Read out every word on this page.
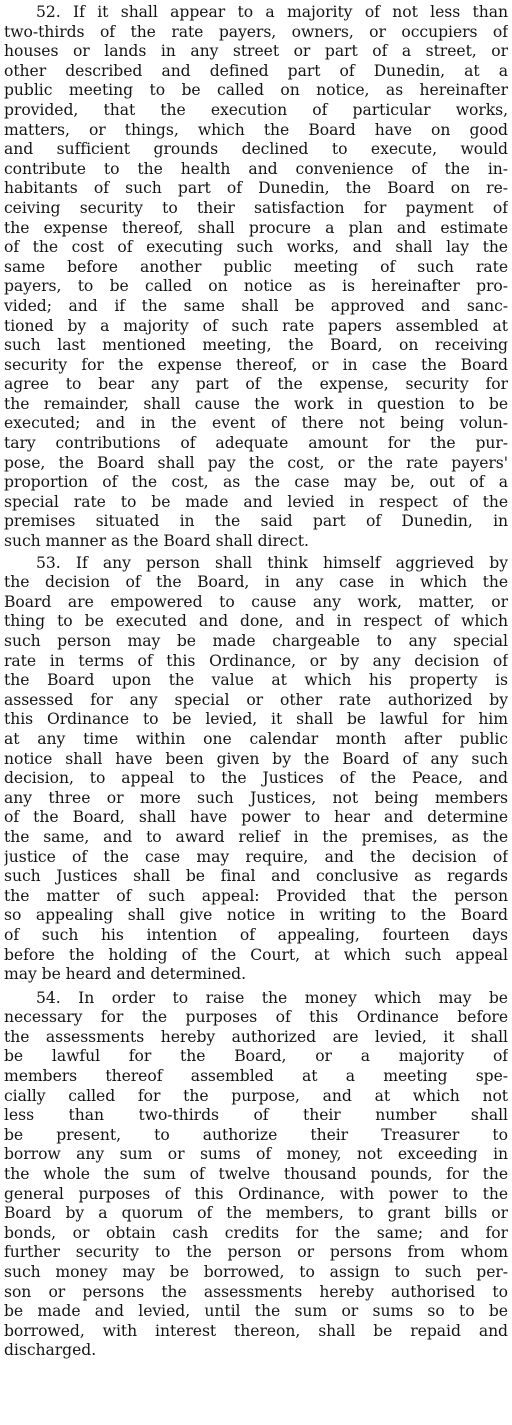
52. If it shall appear to a majority of not less than
two-thirds of the rate payers, owners, or occupiers of
houses or lands in any street or part of a street, or
other described and defined part of Dunedin, at a
public meeting to be called on notice, as hereinafter
provided, that the execution of particular works,
matters, or things, which the Board have on good
and sufficient grounds declined to execute, would
contribute to the health and convenience of the in-
habitants of such part of Dunedin, the Board on re-
ceiving security to their satisfaction for payment of
the expense thereof, shall procure a plan and estimate
of the cost of executing such works, and shall lay the
same before another public meeting of such rate
payers, to be called on notice as is hereinafter pro-
vided; and if the same shall be approved and sanc-
tioned by a majority of such rate papers assembled at
such last mentioned meeting, the Board, on receiving
security for the expense thereof, or in case the Board
agree to bear any part of the expense, security for
the remainder, shall cause the work in question to be
executed; and in the event of there not being volun-
tary contributions of adequate amount for the pur-
pose, the Board shall pay the cost, or the rate payers'
proportion of the cost, as the case may be, out of a
special rate to be made and levied in respect of the
premises situated in the said part of Dunedin, in
such manner as the Board shall direct.
53. If any person shall think himself aggrieved by
the decision of the Board, in any case in which the
Board are empowered to cause any work, matter, or
thing to be executed and done, and in respect of which
such person may be made chargeable to any special
rate in terms of this Ordinance, or by any decision of
the Board upon the value at which his property is
assessed for any special or other rate authorized by
this Ordinance to be levied, it shall be lawful for him
at any time within one calendar month after public
notice shall have been given by the Board of any such
decision, to appeal to the Justices of the Peace, and
any three or more such Justices, not being members
of the Board, shall have power to hear and determine
the same, and to award relief in the premises, as the
justice of the case may require, and the decision of
such Justices shall be final and conclusive as regards
the matter of such appeal: Provided that the person
so appealing shall give notice in writing to the Board
of such his intention of appealing, fourteen days
before the holding of the Court, at which such appeal
may be heard and determined.
54. In order to raise the money which may be
necessary for the purposes of this Ordinance before
the assessments hereby authorized are levied, it shall
be lawful for the Board, or a majority of
members thereof assembled at a meeting spe-
cially called for the purpose, and at which not
less than two-thirds of their number shall
be present, to authorize their Treasurer to
borrow any sum or sums of money, not exceeding in
the whole the sum of twelve thousand pounds, for the
general purposes of this Ordinance, with power to the
Board by a quorum of the members, to grant bills or
bonds, or obtain cash credits for the same; and for
further security to the person or persons from whom
such money may be borrowed, to assign to such per-
son or persons the assessments hereby authorised to
be made and levied, until the sum or sums so to be
borrowed, with interest thereon, shall be repaid and
discharged.
